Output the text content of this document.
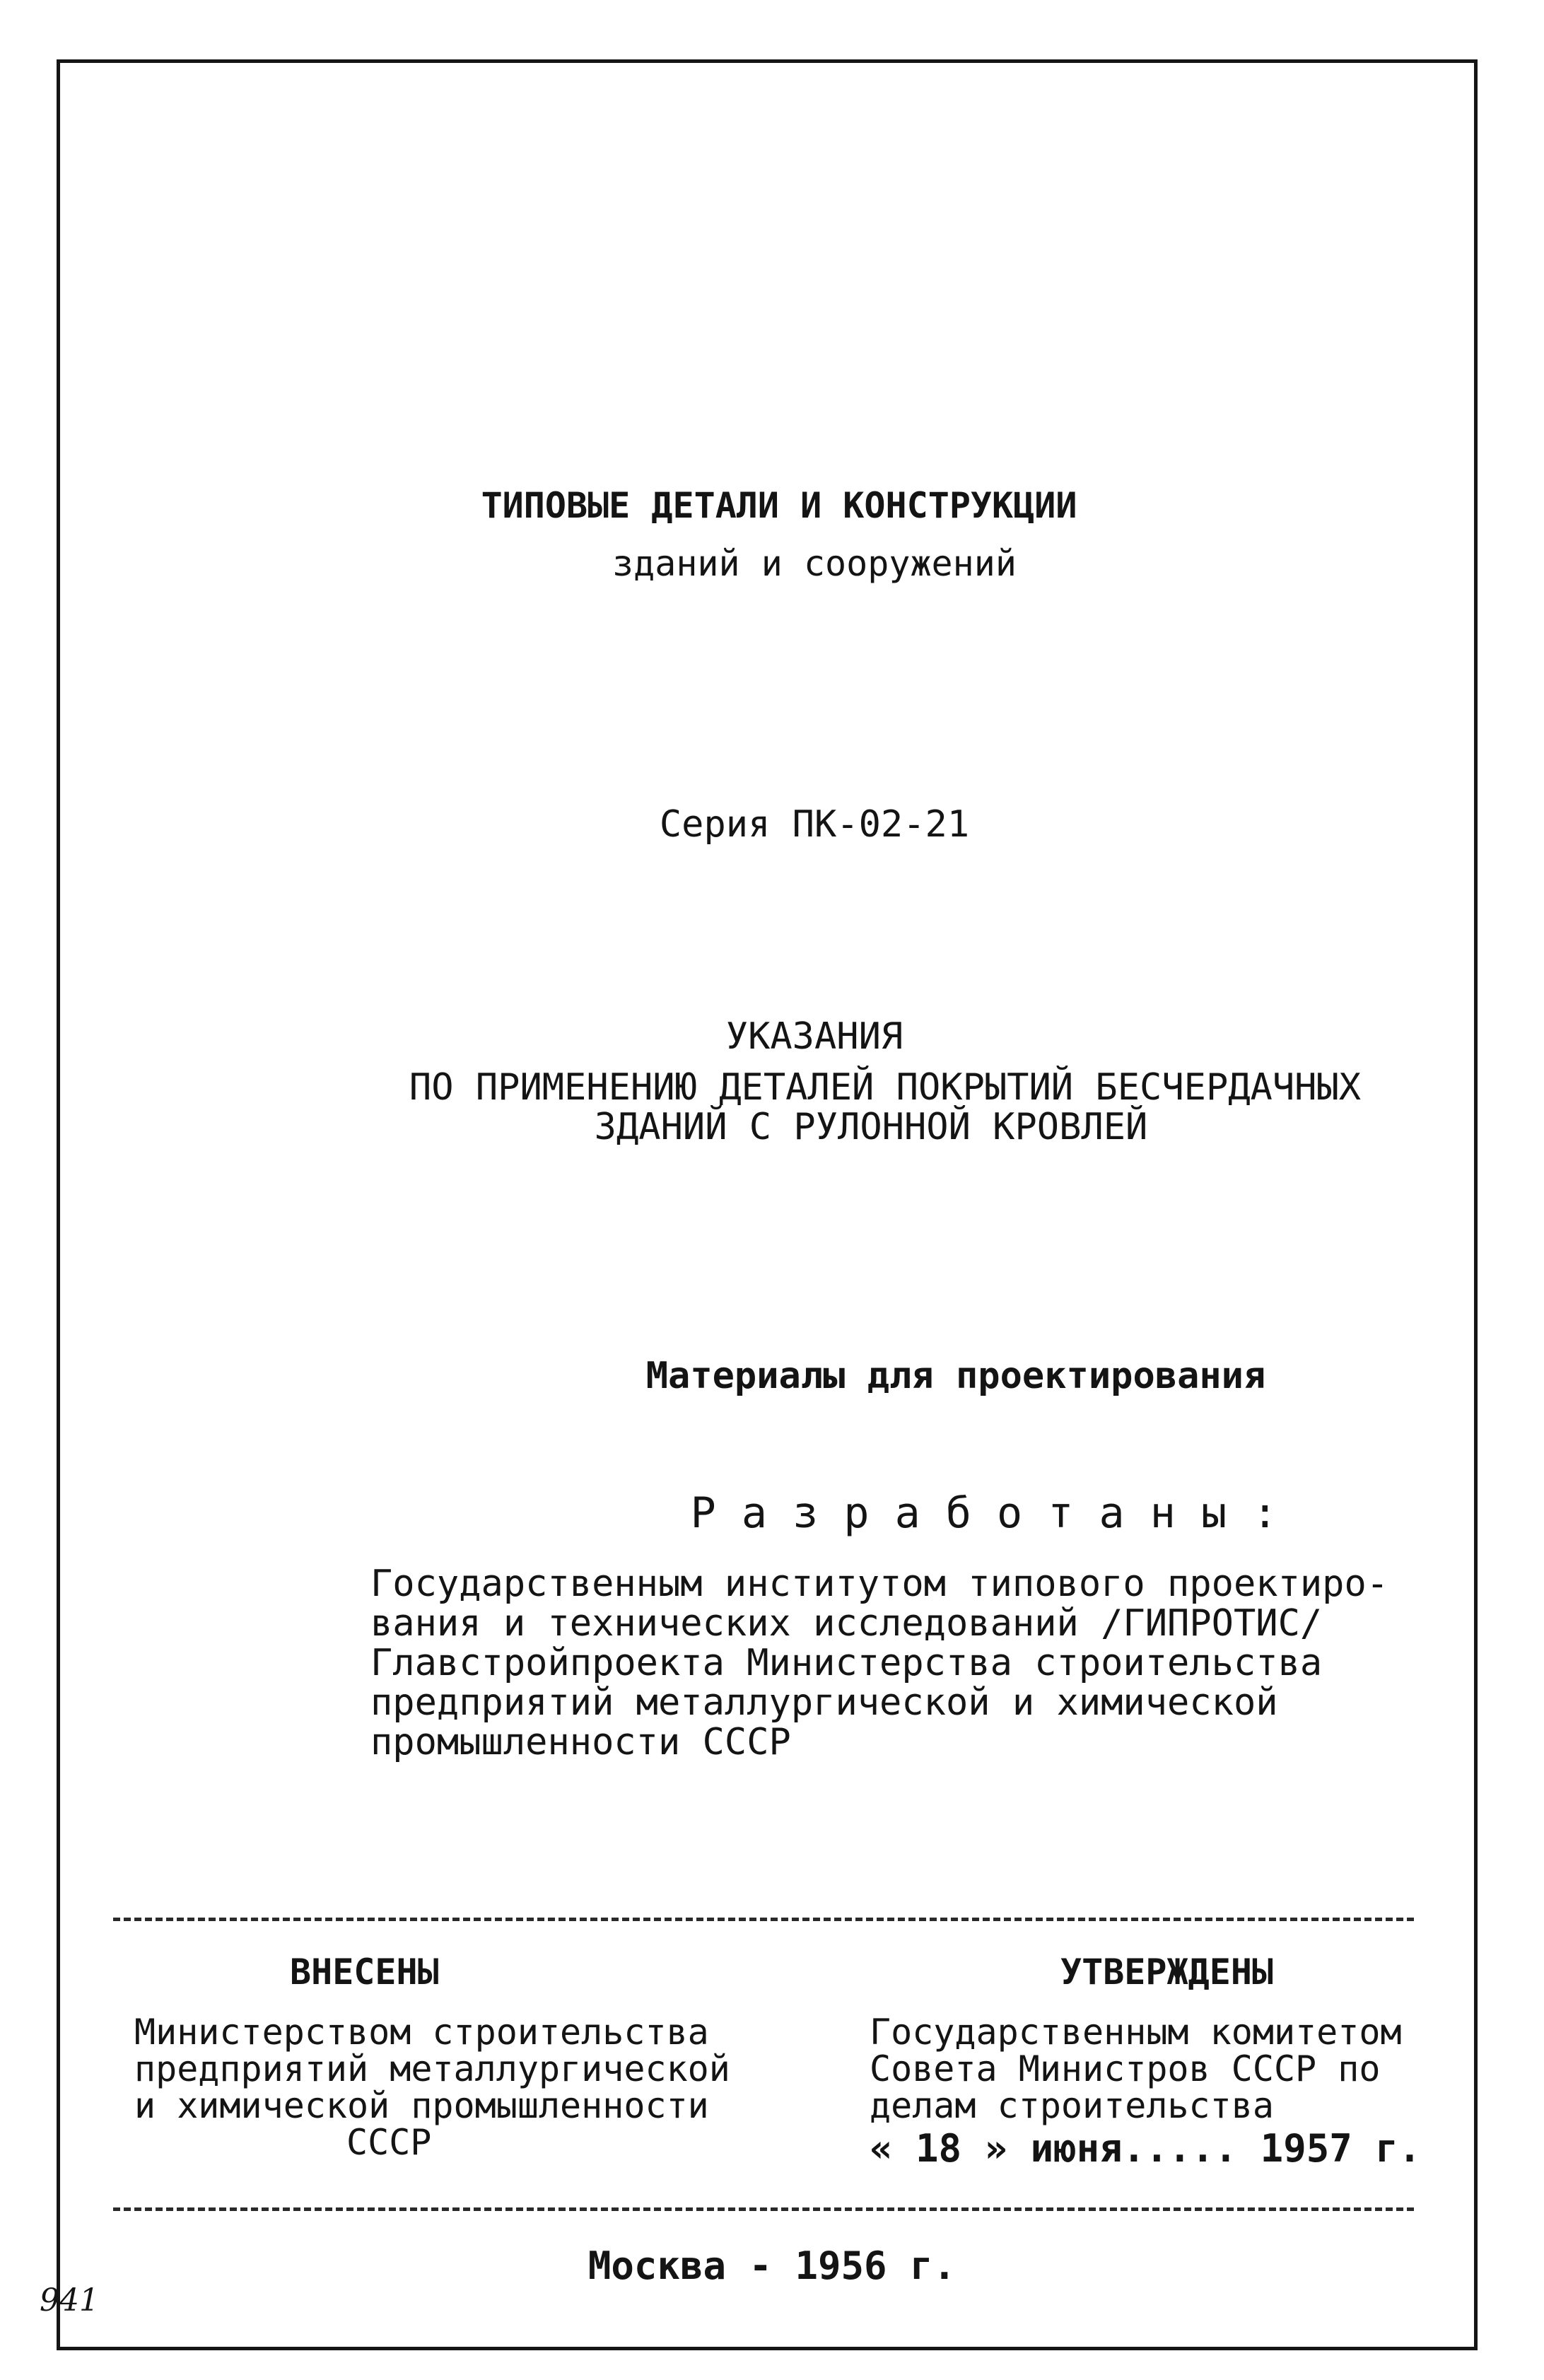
ТИПОВЫЕ ДЕТАЛИ И КОНСТРУКЦИИ
зданий и сооружений
Серия ПК-02-21
УКАЗАНИЯ
ПО ПРИМЕНЕНИЮ ДЕТАЛЕЙ ПОКРЫТИЙ БЕСЧЕРДАЧНЫХ
ЗДАНИЙ С РУЛОННОЙ КРОВЛЕЙ
Материалы для проектирования
Р а з р а б о т а н ы :
Государственным институтом типового проектиро-
вания и технических исследований /ГИПРОТИС/
Главстройпроекта Министерства строительства
предприятий металлургической и химической
промышленности СССР
ВНЕСЕНЫ
Министерством строительства
предприятий металлургической
и химической промышленности
СССР
УТВЕРЖДЕНЫ
Государственным комитетом
Совета Министров СССР по
делам строительства
« 18 » июня..... 1957 г.
Москва - 1956 г.
941
